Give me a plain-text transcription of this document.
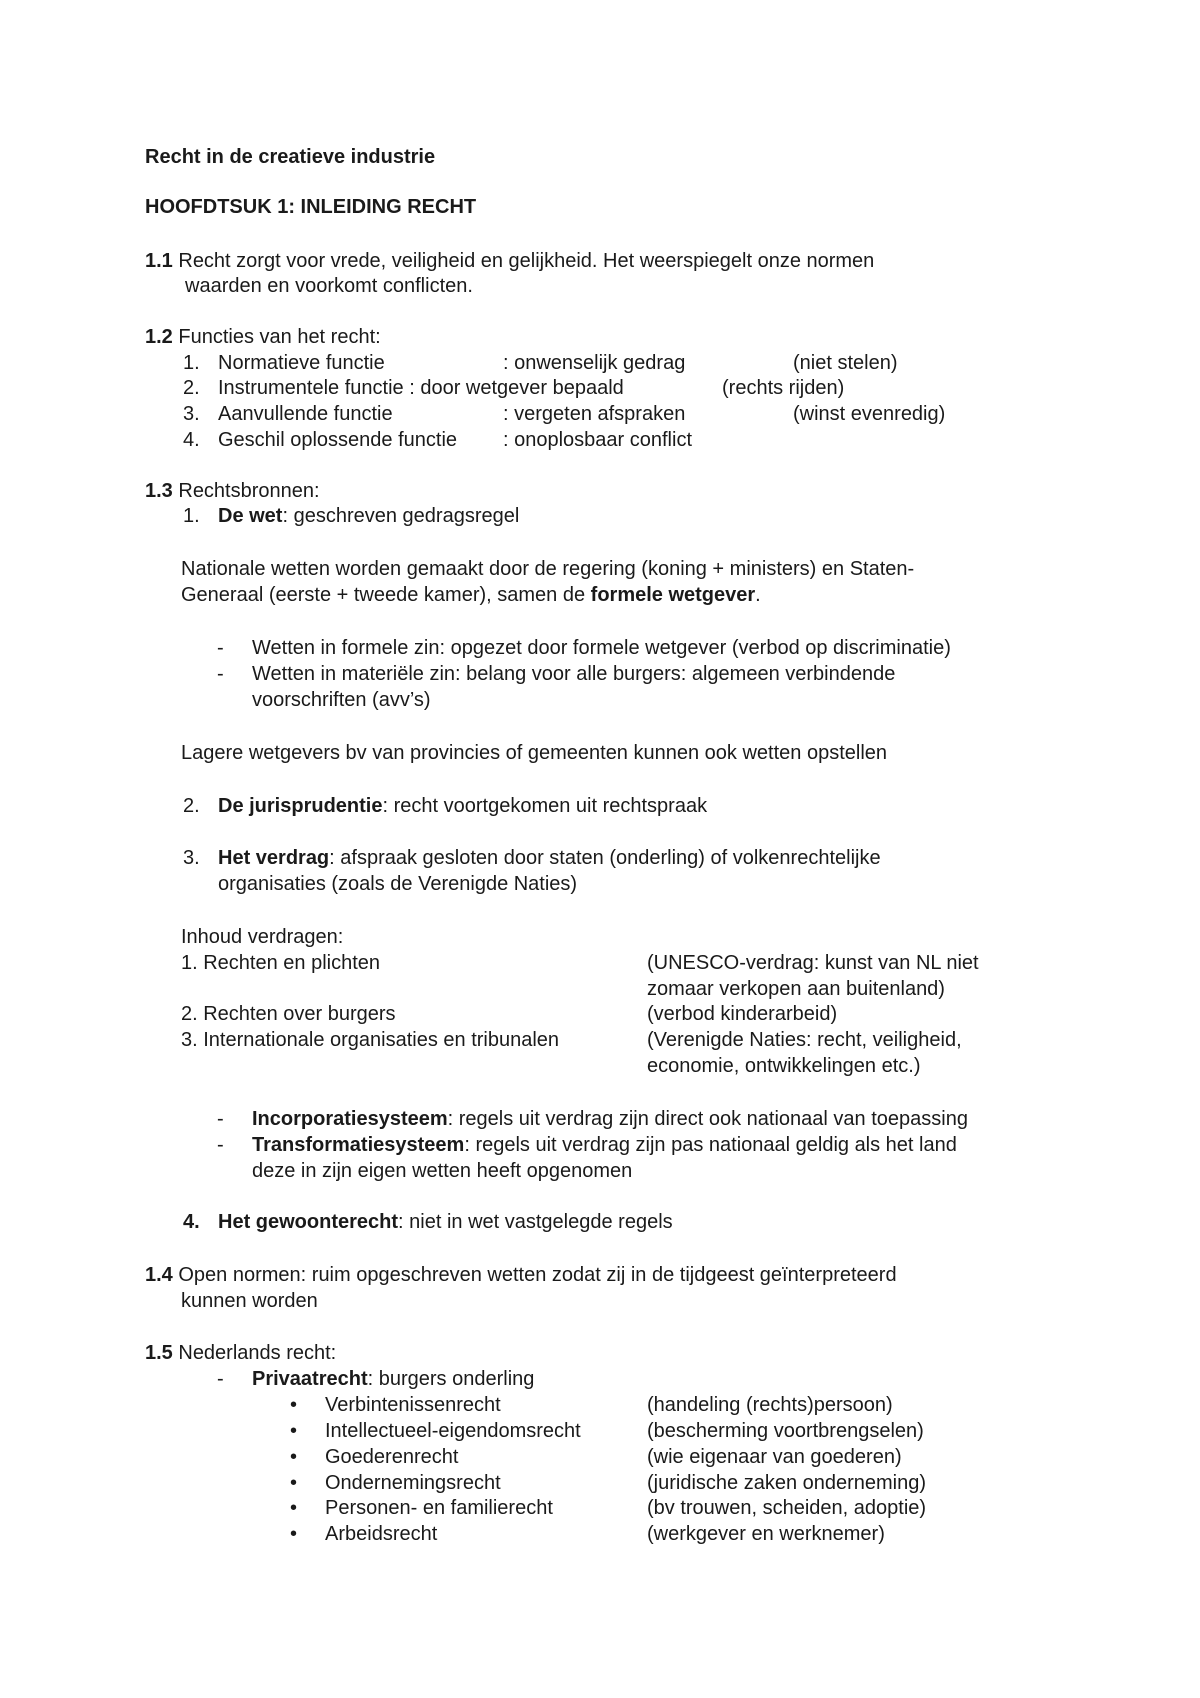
Recht in de creatieve industrie
HOOFDTSUK 1: INLEIDING RECHT
1.1 Recht zorgt voor vrede, veiligheid en gelijkheid. Het weerspiegelt onze normen
waarden en voorkomt conflicten.
1.2 Functies van het recht:
1. Normatieve functie	: onwenselijk gedrag	(niet stelen)
2. Instrumentele functie : door wetgever bepaald	(rechts rijden)
3. Aanvullende functie	: vergeten afspraken	(winst evenredig)
4. Geschil oplossende functie : onoplosbaar conflict
1.3 Rechtsbronnen:
1. De wet: geschreven gedragsregel
Nationale wetten worden gemaakt door de regering (koning + ministers) en Staten-
Generaal (eerste + tweede kamer), samen de formele wetgever.
- Wetten in formele zin: opgezet door formele wetgever (verbod op discriminatie)
- Wetten in materiële zin: belang voor alle burgers: algemeen verbindende
voorschriften (avv’s)
Lagere wetgevers bv van provincies of gemeenten kunnen ook wetten opstellen
2. De jurisprudentie: recht voortgekomen uit rechtspraak
3. Het verdrag: afspraak gesloten door staten (onderling) of volkenrechtelijke
organisaties (zoals de Verenigde Naties)
Inhoud verdragen:
1. Rechten en plichten	(UNESCO-verdrag: kunst van NL niet
zomaar verkopen aan buitenland)
2. Rechten over burgers	(verbod kinderarbeid)
3. Internationale organisaties en tribunalen	(Verenigde Naties: recht, veiligheid,
economie, ontwikkelingen etc.)
- Incorporatiesysteem: regels uit verdrag zijn direct ook nationaal van toepassing
- Transformatiesysteem: regels uit verdrag zijn pas nationaal geldig als het land
deze in zijn eigen wetten heeft opgenomen
4. Het gewoonterecht: niet in wet vastgelegde regels
1.4 Open normen: ruim opgeschreven wetten zodat zij in de tijdgeest geïnterpreteerd
kunnen worden
1.5 Nederlands recht:
- Privaatrecht: burgers onderling
• Verbintenissenrecht	(handeling (rechts)persoon)
• Intellectueel-eigendomsrecht	(bescherming voortbrengselen)
• Goederenrecht	(wie eigenaar van goederen)
• Ondernemingsrecht	(juridische zaken onderneming)
• Personen- en familierecht	(bv trouwen, scheiden, adoptie)
• Arbeidsrecht	(werkgever en werknemer)
